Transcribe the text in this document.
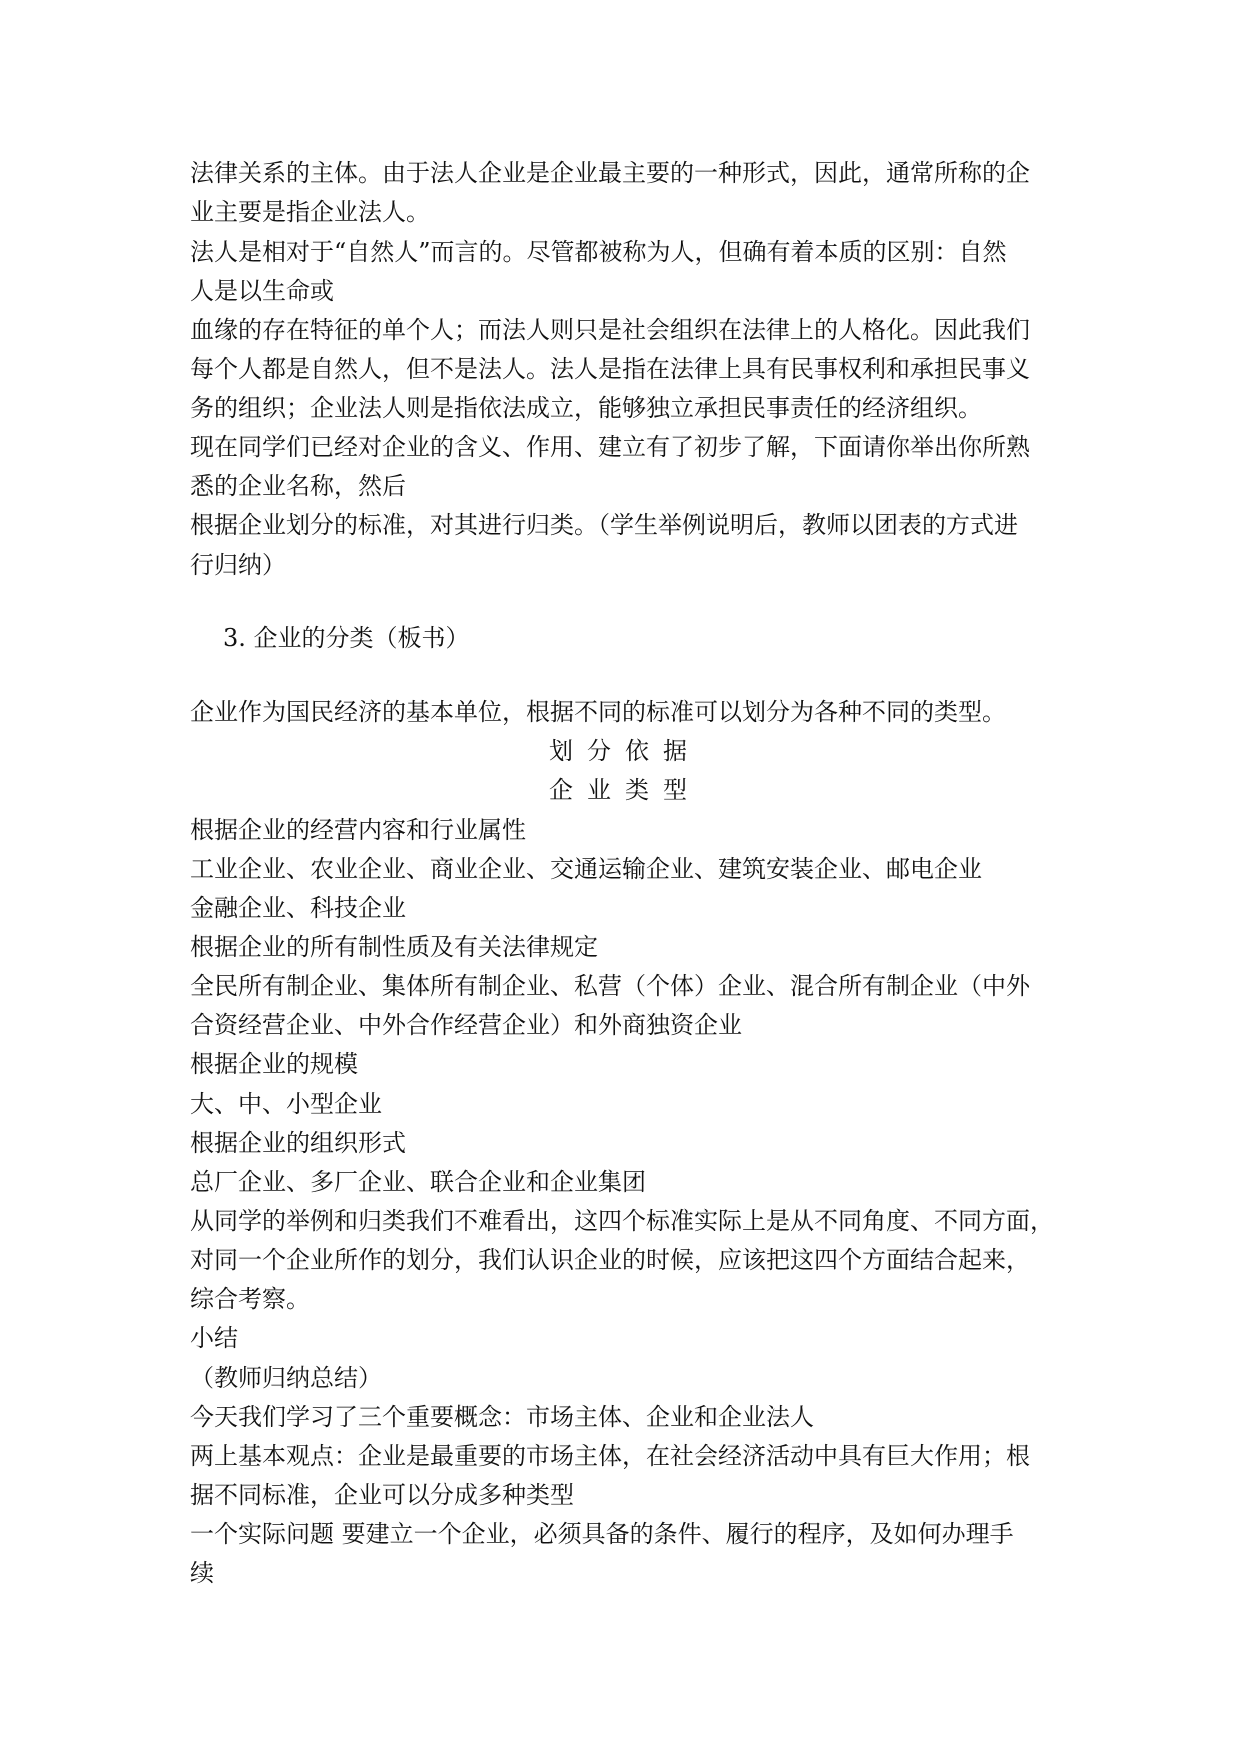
法律关系的主体。由于法人企业是企业最主要的一种形式，因此，通常所称的企

业主要是指企业法人。

法人是相对于“自然人”而言的。尽管都被称为人，但确有着本质的区别：自然

人是以生命或

血缘的存在特征的单个人；而法人则只是社会组织在法律上的人格化。因此我们

每个人都是自然人，但不是法人。法人是指在法律上具有民事权利和承担民事义

务的组织；企业法人则是指依法成立，能够独立承担民事责任的经济组织。

现在同学们已经对企业的含义、作用、建立有了初步了解，下面请你举出你所熟

悉的企业名称，然后

根据企业划分的标准，对其进行归类。（学生举例说明后，教师以团表的方式进

行归纳）

3. 企业的分类（板书）

企业作为国民经济的基本单位，根据不同的标准可以划分为各种不同的类型。

划分依据

企业类型

根据企业的经营内容和行业属性

工业企业、农业企业、商业企业、交通运输企业、建筑安装企业、邮电企业

金融企业、科技企业

根据企业的所有制性质及有关法律规定

全民所有制企业、集体所有制企业、私营（个体）企业、混合所有制企业（中外

合资经营企业、中外合作经营企业）和外商独资企业

根据企业的规模

大、中、小型企业

根据企业的组织形式

总厂企业、多厂企业、联合企业和企业集团

从同学的举例和归类我们不难看出，这四个标准实际上是从不同角度、不同方面，

对同一个企业所作的划分，我们认识企业的时候，应该把这四个方面结合起来，

综合考察。

小结

（教师归纳总结）

今天我们学习了三个重要概念：市场主体、企业和企业法人

两上基本观点：企业是最重要的市场主体，在社会经济活动中具有巨大作用；根

据不同标准，企业可以分成多种类型

一个实际问题 要建立一个企业，必须具备的条件、履行的程序，及如何办理手

续
